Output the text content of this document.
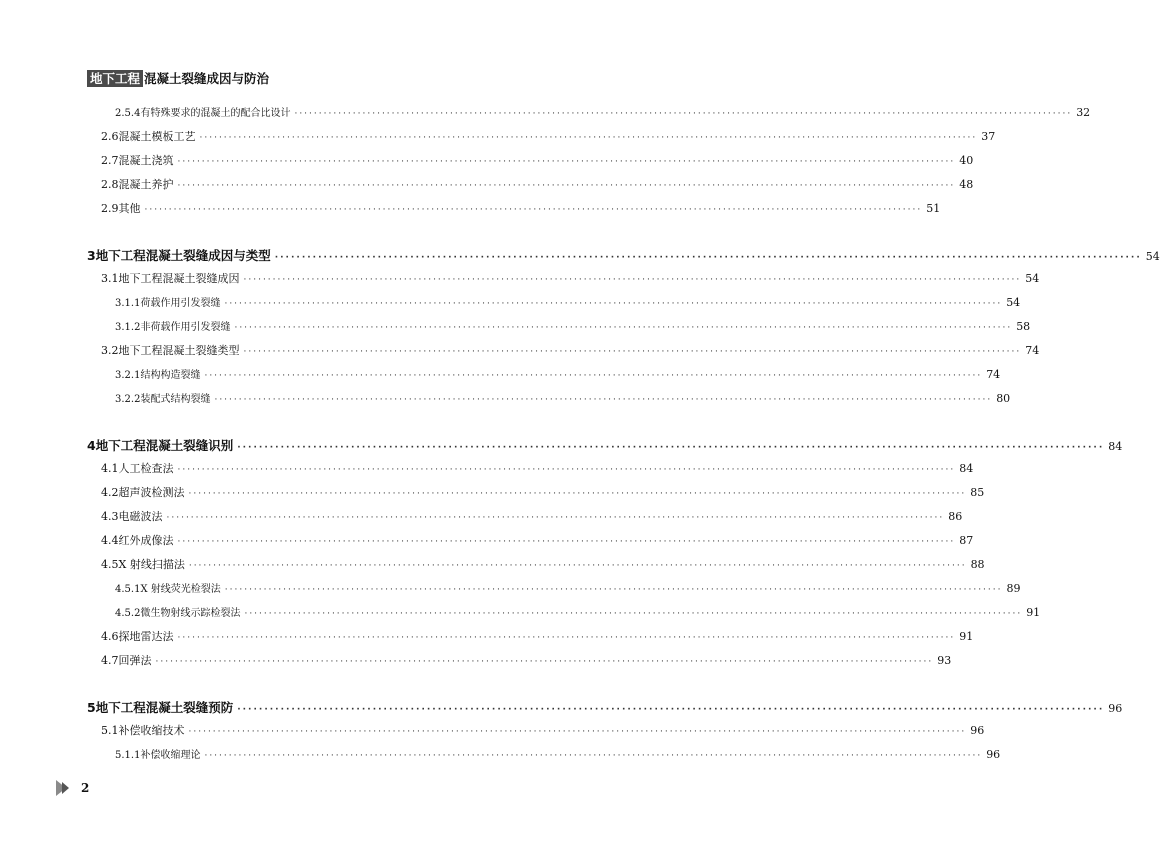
地下工程 混凝土裂缝成因与防治
2.5.4 有特殊要求的混凝土的配合比设计 ································································································································································ 32
2.6 混凝土模板工艺 ································································································································································ 37
2.7 混凝土浇筑 ································································································································································ 40
2.8 混凝土养护 ································································································································································ 48
2.9 其他 ································································································································································ 51
3 地下工程混凝土裂缝成因与类型 ································································································································································ 54
3.1 地下工程混凝土裂缝成因 ································································································································································ 54
3.1.1 荷载作用引发裂缝 ································································································································································ 54
3.1.2 非荷载作用引发裂缝 ································································································································································ 58
3.2 地下工程混凝土裂缝类型 ································································································································································ 74
3.2.1 结构构造裂缝 ································································································································································ 74
3.2.2 装配式结构裂缝 ································································································································································ 80
4 地下工程混凝土裂缝识别 ································································································································································ 84
4.1 人工检查法 ································································································································································ 84
4.2 超声波检测法 ································································································································································ 85
4.3 电磁波法 ································································································································································ 86
4.4 红外成像法 ································································································································································ 87
4.5 X 射线扫描法 ································································································································································ 88
4.5.1 X 射线荧光检裂法 ································································································································································ 89
4.5.2 微生物射线示踪检裂法 ································································································································································ 91
4.6 探地雷达法 ································································································································································ 91
4.7 回弹法 ································································································································································ 93
5 地下工程混凝土裂缝预防 ································································································································································ 96
5.1 补偿收缩技术 ································································································································································ 96
5.1.1 补偿收缩理论 ································································································································································ 96
2
